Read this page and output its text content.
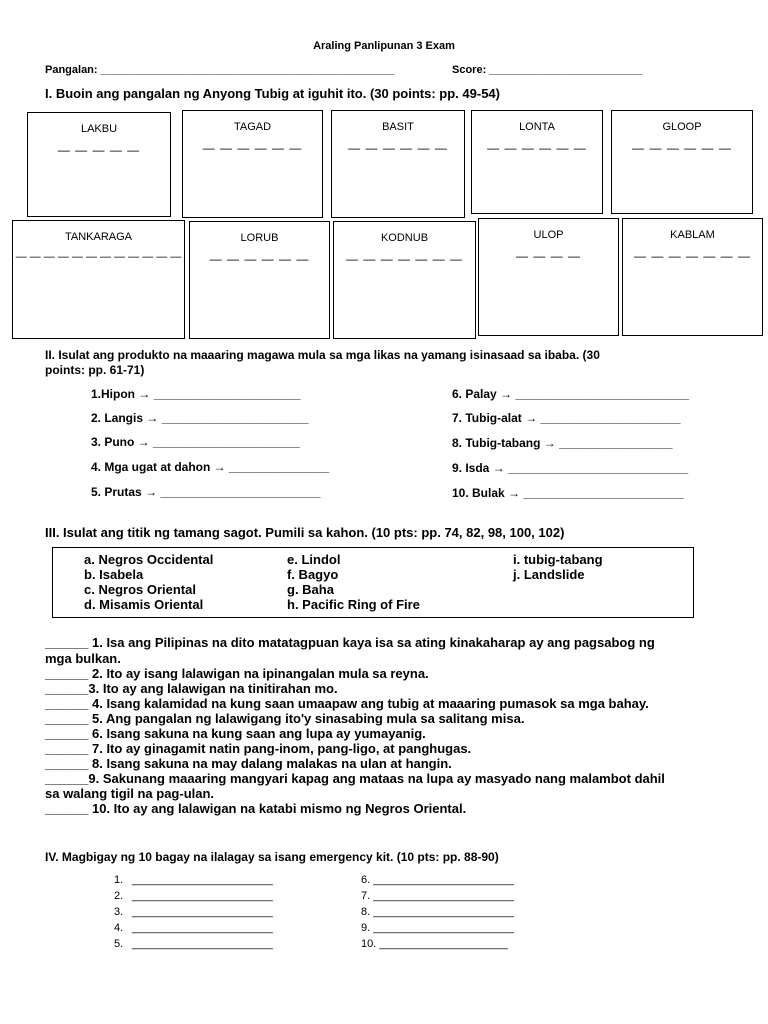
Araling Panlipunan 3 Exam
Pangalan: ________________________________________________	Score: _________________________
I. Buoin ang pangalan ng Anyong Tubig at iguhit ito. (30 points: pp. 49-54)
LAKBU
— — — — —
TAGAD
— — — — — —
BASIT
— — — — — —
LONTA
— — — — — —
GLOOP
— — — — — —
TANKARAGA
— — — — — — — — — — — —
LORUB
— — — — — —
KODNUB
— — — — — — —
ULOP
— — — —
KABLAM
— — — — — — —
II. Isulat ang produkto na maaaring magawa mula sa mga likas na yamang isinasaad sa ibaba. (30
points: pp. 61-71)
1.Hipon → ______________________
2. Langis → ______________________
3. Puno → ______________________
4. Mga ugat at dahon → _______________
5. Prutas → ________________________
6. Palay → __________________________
7. Tubig-alat → _____________________
8. Tubig-tabang → _________________
9. Isda → ___________________________
10. Bulak → ________________________
III. Isulat ang titik ng tamang sagot. Pumili sa kahon. (10 pts: pp. 74, 82, 98, 100, 102)
a. Negros Occidental
b. Isabela
c. Negros Oriental
d. Misamis Oriental
e. Lindol
f. Bagyo
g. Baha
h. Pacific Ring of Fire
i. tubig-tabang
j. Landslide
______ 1. Isa ang Pilipinas na dito matatagpuan kaya isa sa ating kinakaharap ay ang pagsabog ng
mga bulkan.
______ 2. Ito ay isang lalawigan na ipinangalan mula sa reyna.
______3. Ito ay ang lalawigan na tinitirahan mo.
______ 4. Isang kalamidad na kung saan umaapaw ang tubig at maaaring pumasok sa mga bahay.
______ 5. Ang pangalan ng lalawigang ito'y sinasabing mula sa salitang misa.
______ 6. Isang sakuna na kung saan ang lupa ay yumayanig.
______ 7. Ito ay ginagamit natin pang-inom, pang-ligo, at panghugas.
______ 8. Isang sakuna na may dalang malakas na ulan at hangin.
______9. Sakunang maaaring mangyari kapag ang mataas na lupa ay masyado nang malambot dahil
sa walang tigil na pag-ulan.
______ 10. Ito ay ang lalawigan na katabi mismo ng Negros Oriental.
IV. Magbigay ng 10 bagay na ilalagay sa isang emergency kit. (10 pts: pp. 88-90)
1. _______________________
2. _______________________
3. _______________________
4. _______________________
5. _______________________
6. _______________________
7. _______________________
8. _______________________
9. _______________________
10. _____________________
